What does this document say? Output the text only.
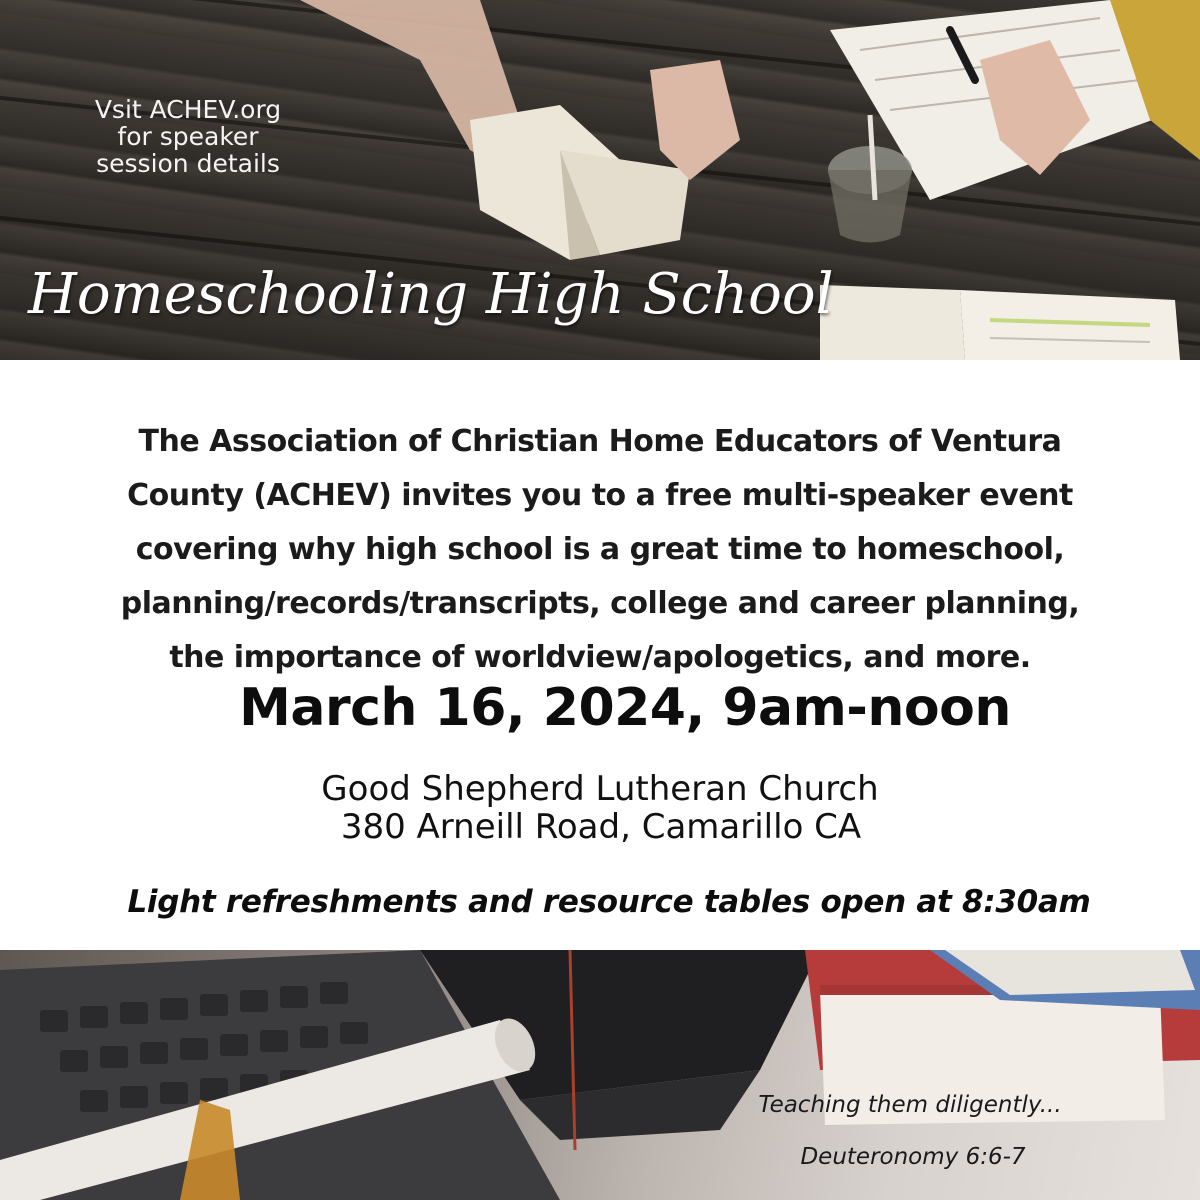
Vsit ACHEV.org
for speaker
session details
Homeschooling High School
The Association of Christian Home Educators of Ventura
County (ACHEV) invites you to a free multi-speaker event
covering why high school is a great time to homeschool,
planning/records/transcripts, college and career planning,
the importance of worldview/apologetics, and more.
March 16, 2024, 9am-noon
Good Shepherd Lutheran Church
380 Arneill Road, Camarillo CA
Light refreshments and resource tables open at 8:30am
Teaching them diligently...
Deuteronomy 6:6-7
